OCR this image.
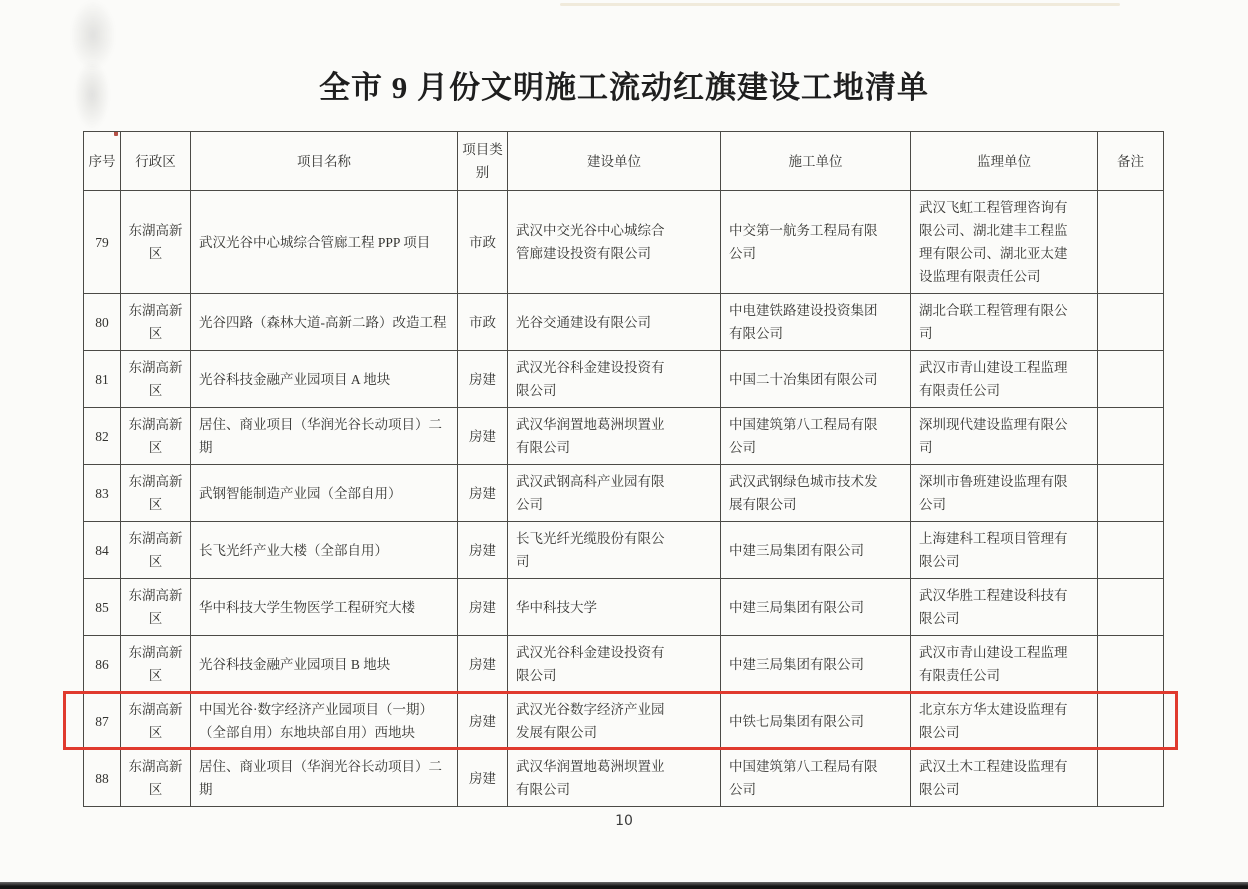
全市 9 月份文明施工流动红旗建设工地清单
序号	行政区	项目名称	项目类别	建设单位	施工单位	监理单位	备注
79	东湖高新区	武汉光谷中心城综合管廊工程 PPP 项目	市政	武汉中交光谷中心城综合管廊建设投资有限公司	中交第一航务工程局有限公司	武汉飞虹工程管理咨询有限公司、湖北建丰工程监理有限公司、湖北亚太建设监理有限责任公司	
80	东湖高新区	光谷四路（森林大道-高新二路）改造工程	市政	光谷交通建设有限公司	中电建铁路建设投资集团有限公司	湖北合联工程管理有限公司	
81	东湖高新区	光谷科技金融产业园项目 A 地块	房建	武汉光谷科金建设投资有限公司	中国二十冶集团有限公司	武汉市青山建设工程监理有限责任公司	
82	东湖高新区	居住、商业项目（华润光谷长动项目）二期	房建	武汉华润置地葛洲坝置业有限公司	中国建筑第八工程局有限公司	深圳现代建设监理有限公司	
83	东湖高新区	武钢智能制造产业园（全部自用）	房建	武汉武钢高科产业园有限公司	武汉武钢绿色城市技术发展有限公司	深圳市鲁班建设监理有限公司	
84	东湖高新区	长飞光纤产业大楼（全部自用）	房建	长飞光纤光缆股份有限公司	中建三局集团有限公司	上海建科工程项目管理有限公司	
85	东湖高新区	华中科技大学生物医学工程研究大楼	房建	华中科技大学	中建三局集团有限公司	武汉华胜工程建设科技有限公司	
86	东湖高新区	光谷科技金融产业园项目 B 地块	房建	武汉光谷科金建设投资有限公司	中建三局集团有限公司	武汉市青山建设工程监理有限责任公司	
87	东湖高新区	中国光谷·数字经济产业园项目（一期）（全部自用）东地块部自用）西地块	房建	武汉光谷数字经济产业园发展有限公司	中铁七局集团有限公司	北京东方华太建设监理有限公司	
88	东湖高新区	居住、商业项目（华润光谷长动项目）二期	房建	武汉华润置地葛洲坝置业有限公司	中国建筑第八工程局有限公司	武汉土木工程建设监理有限公司	
10
